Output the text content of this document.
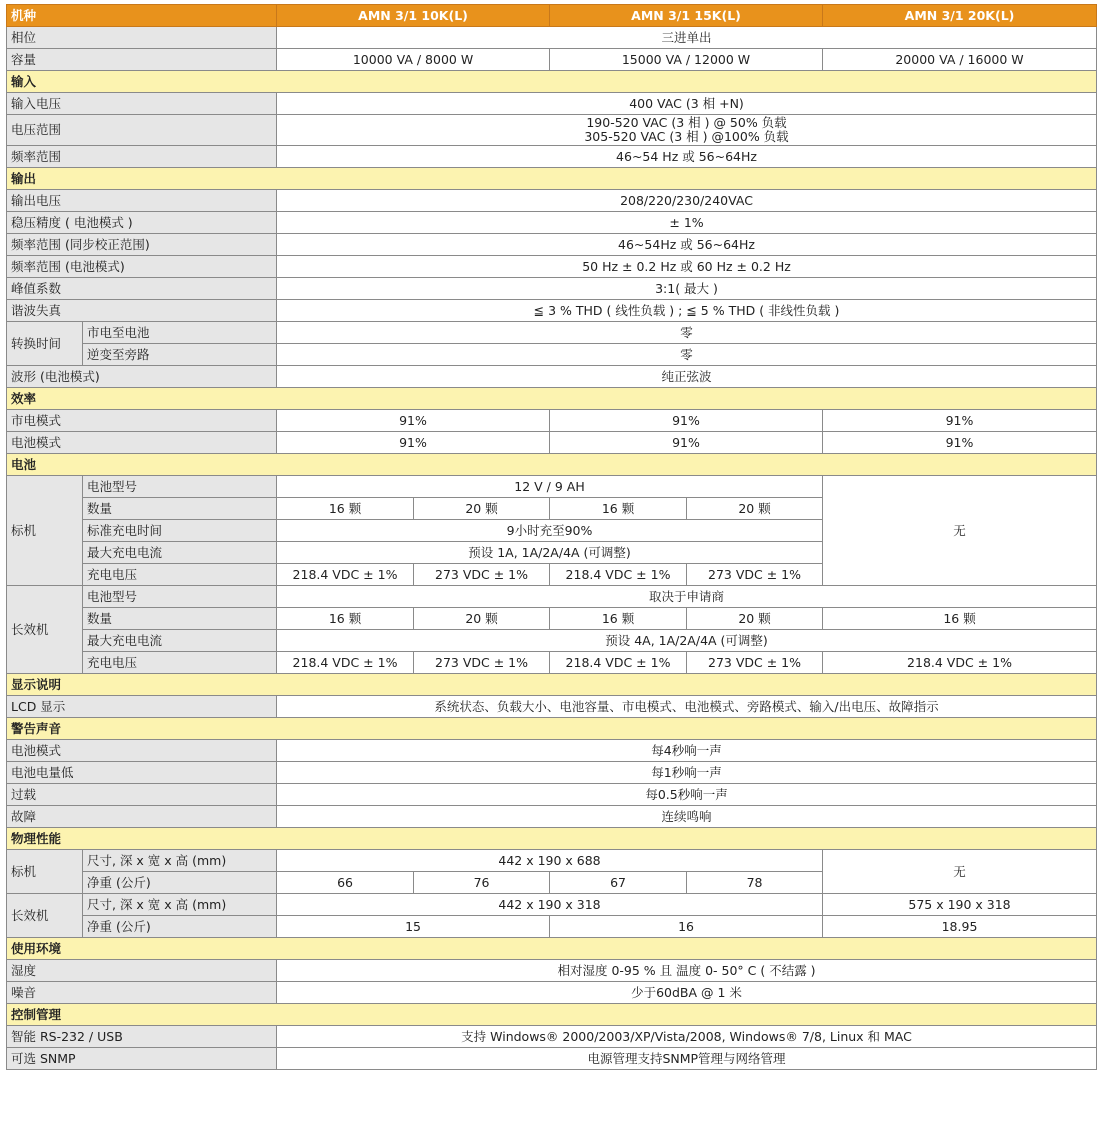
机种		AMN 3/1 10K(L)		AMN 3/1 15K(L)		AMN 3/1 20K(L)
相位		三进单出				
容量		10000 VA / 8000 W		15000 VA / 12000 W		20000 VA / 16000 W
输入						
输入电压		400 VAC (3 相 +N)				
电压范围		190-520 VAC (3 相 ) @ 50% 负载
305-520 VAC (3 相 ) @100% 负载				

频率范围		46~54 Hz 或 56~64Hz				
输出						
输出电压		208/220/230/240VAC				
稳压精度 ( 电池模式 )		± 1%				
频率范围 (同步校正范围)		46~54Hz 或 56~64Hz				
频率范围 (电池模式)		50 Hz ± 0.2 Hz 或 60 Hz ± 0.2 Hz				
峰值系数		3:1( 最大 )				
谐波失真		≦ 3 % THD ( 线性负载 ) ; ≦ 5 % THD ( 非线性负载 )				
转换时间	市电至电池	零				
	逆变至旁路	零				
波形 (电池模式)		纯正弦波				
效率						
市电模式		91%		91%		91%
电池模式		91%		91%		91%
电池						
标机	电池型号	12 V / 9 AH				无
	数量	16 颗	20 颗	16 颗	20 颗	
	标准充电时间	9小时充至90%				
	最大充电电流	预设 1A, 1A/2A/4A (可调整)				
	充电电压	218.4 VDC ± 1%	273 VDC ± 1%	218.4 VDC ± 1%	273 VDC ± 1%	
长效机	电池型号	取决于申请商				
	数量	16 颗	20 颗	16 颗	20 颗	16 颗
	最大充电电流	预设 4A, 1A/2A/4A (可调整)				
	充电电压	218.4 VDC ± 1%	273 VDC ± 1%	218.4 VDC ± 1%	273 VDC ± 1%	218.4 VDC ± 1%
显示说明						
LCD 显示		系统状态、负载大小、电池容量、市电模式、电池模式、旁路模式、输入/出电压、故障指示				
警告声音						
电池模式		每4秒响一声				
电池电量低		每1秒响一声				
过载		每0.5秒响一声				
故障		连续鸣响				
物理性能						
标机	尺寸, 深 x 宽 x 高 (mm)	442 x 190 x 688				无
	净重 (公斤)	66	76	67	78	
长效机	尺寸, 深 x 宽 x 高 (mm)	442 x 190 x 318				575 x 190 x 318
	净重 (公斤)	15		16		18.95
使用环境						
湿度		相对湿度 0-95 % 且 温度 0- 50° C ( 不结露 )				
噪音		少于60dBA @ 1 米				
控制管理						
智能 RS-232 / USB		支持 Windows® 2000/2003/XP/Vista/2008, Windows® 7/8, Linux 和 MAC				
可选 SNMP		电源管理支持SNMP管理与网络管理				
